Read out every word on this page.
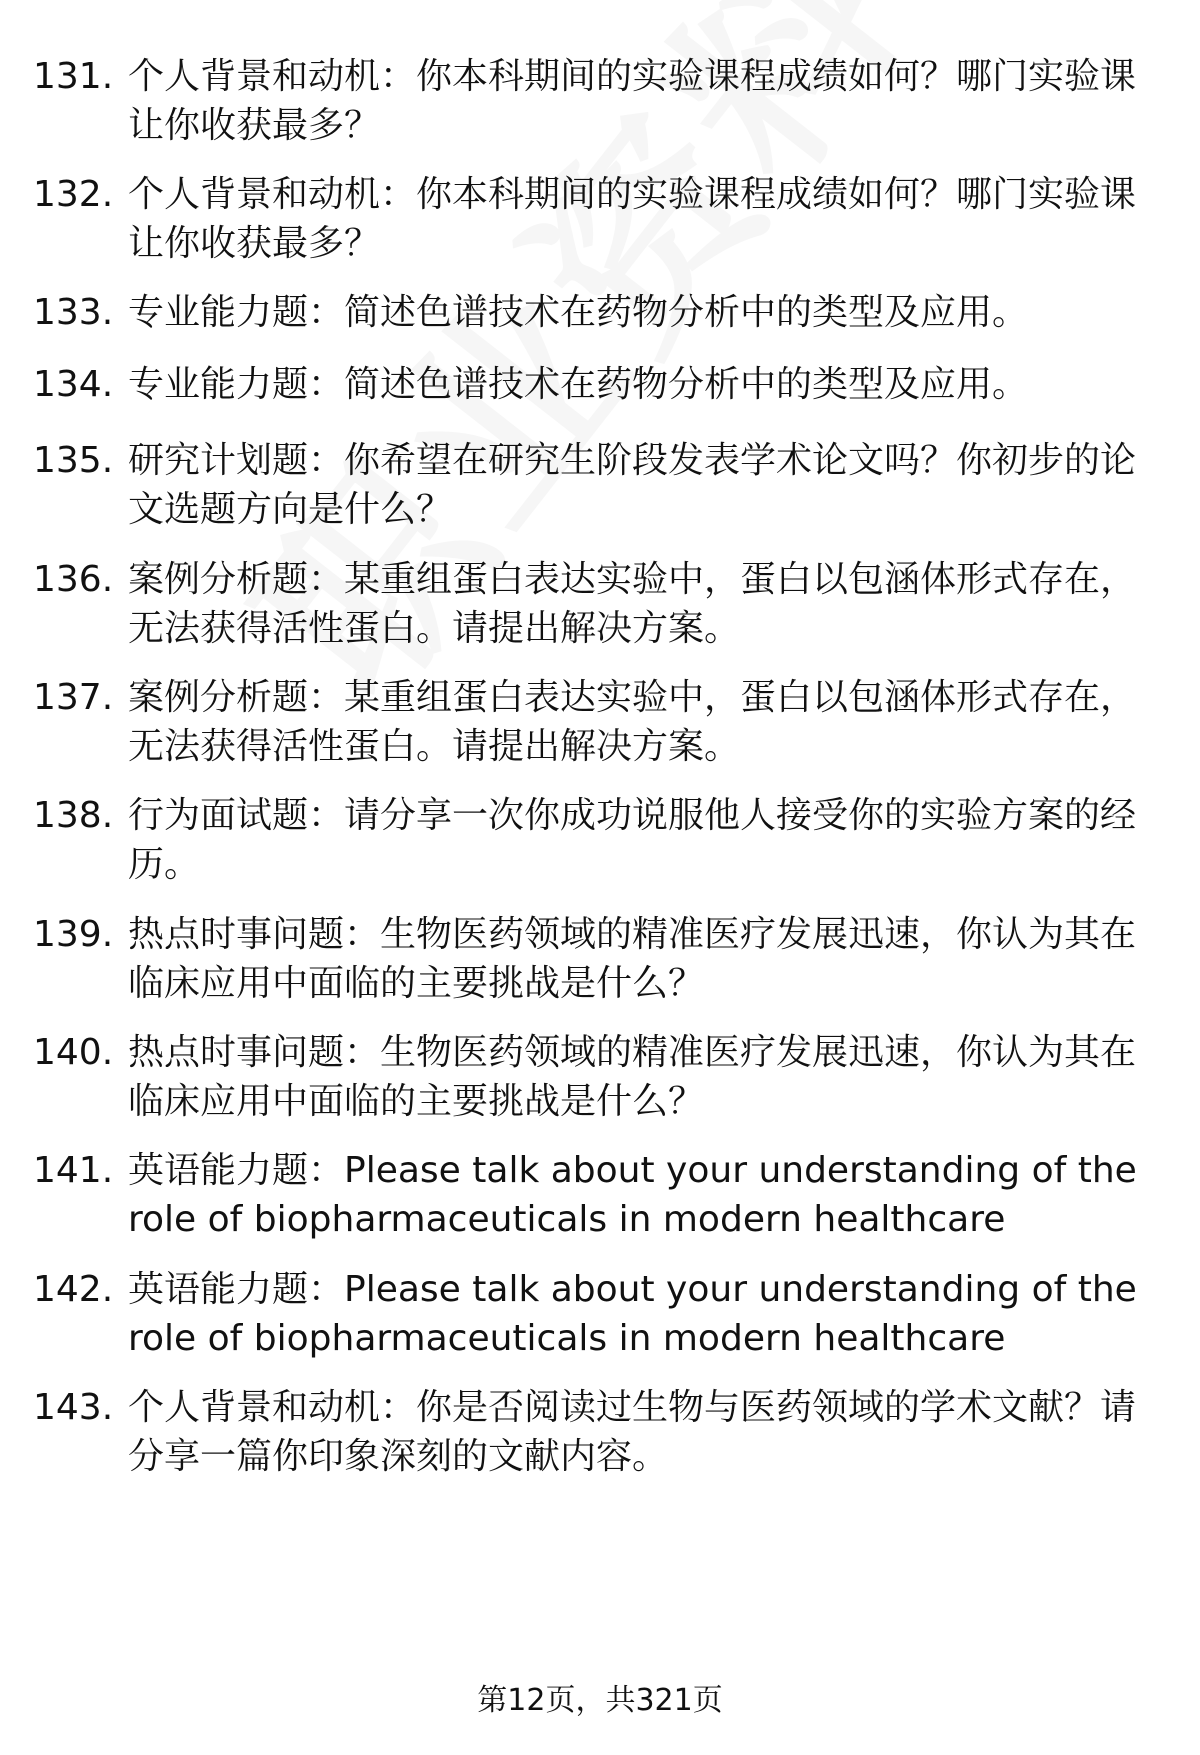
131. 个人背景和动机：你本科期间的实验课程成绩如何？哪门实验课让你收获最多？
132. 个人背景和动机：你本科期间的实验课程成绩如何？哪门实验课让你收获最多？
133. 专业能力题：简述色谱技术在药物分析中的类型及应用。
134. 专业能力题：简述色谱技术在药物分析中的类型及应用。
135. 研究计划题：你希望在研究生阶段发表学术论文吗？你初步的论文选题方向是什么？
136. 案例分析题：某重组蛋白表达实验中，蛋白以包涵体形式存在，无法获得活性蛋白。请提出解决方案。
137. 案例分析题：某重组蛋白表达实验中，蛋白以包涵体形式存在，无法获得活性蛋白。请提出解决方案。
138. 行为面试题：请分享一次你成功说服他人接受你的实验方案的经历。
139. 热点时事问题：生物医药领域的精准医疗发展迅速，你认为其在临床应用中面临的主要挑战是什么？
140. 热点时事问题：生物医药领域的精准医疗发展迅速，你认为其在临床应用中面临的主要挑战是什么？
141. 英语能力题：Please talk about your understanding of the role of biopharmaceuticals in modern healthcare
142. 英语能力题：Please talk about your understanding of the role of biopharmaceuticals in modern healthcare
143. 个人背景和动机：你是否阅读过生物与医药领域的学术文献？请分享一篇你印象深刻的文献内容。
第12页，共321页
